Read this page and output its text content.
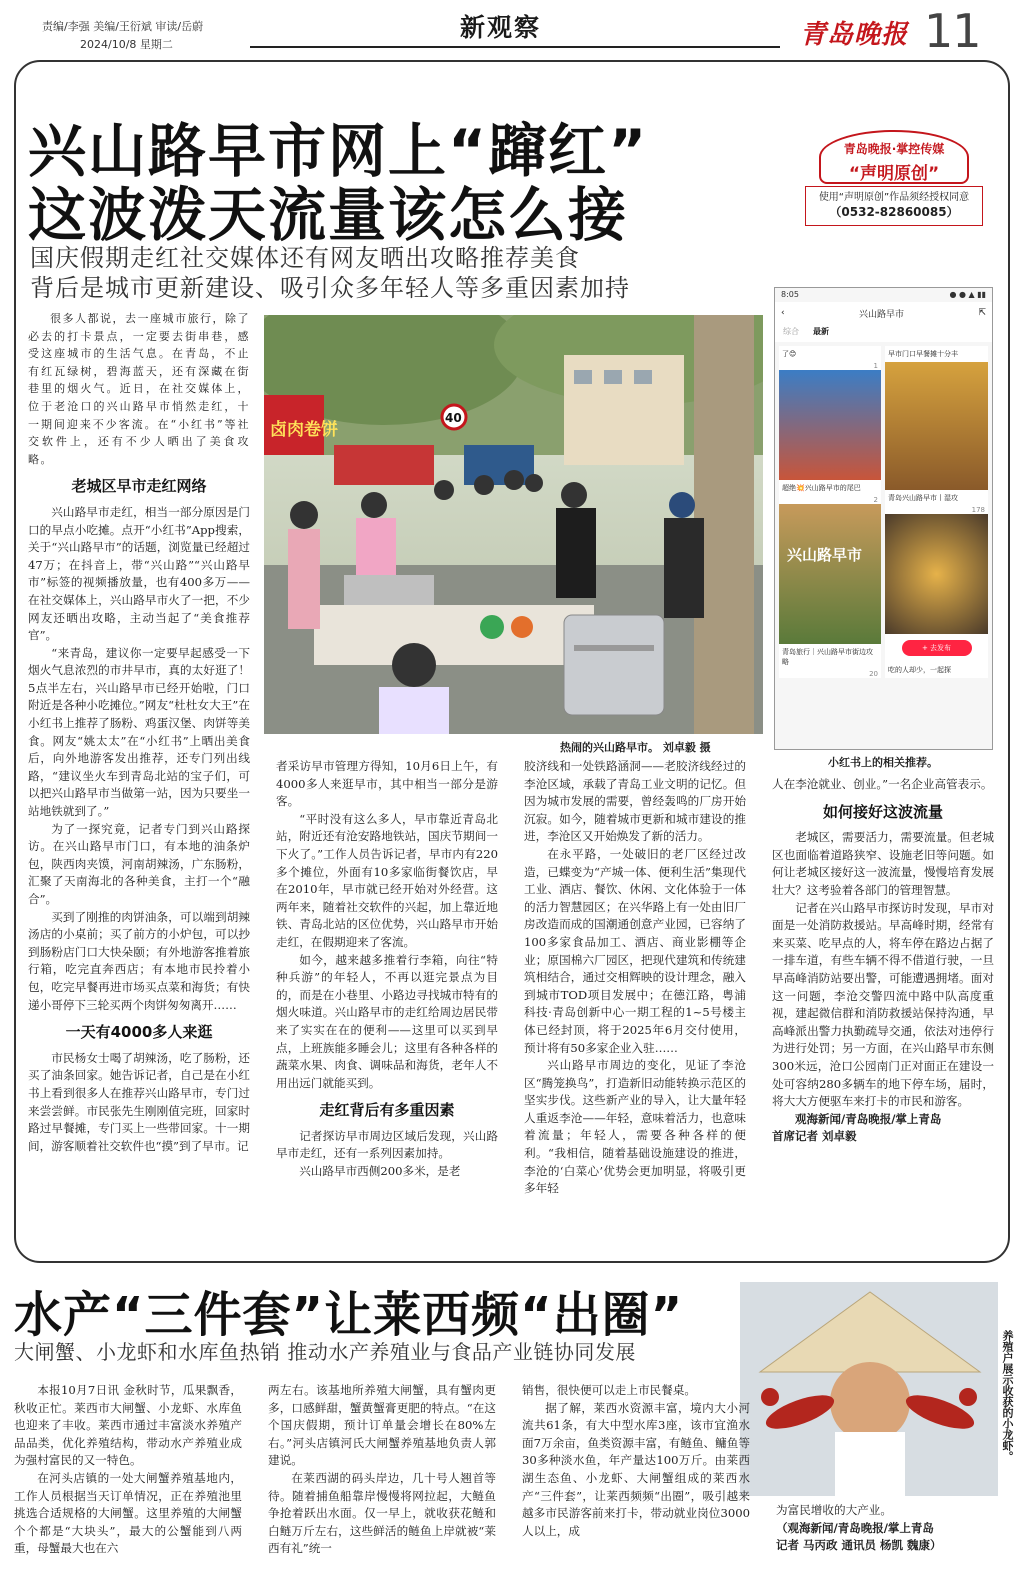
责编/李强 美编/王衍斌 审读/岳蔚
2024/10/8 星期二
新观察	青岛晚报 11
兴山路早市网上“蹿红”
这波泼天流量该怎么接
国庆假期走红社交媒体还有网友晒出攻略推荐美食
背后是城市更新建设、吸引众多年轻人等多重因素加持
青岛晚报·掌控传媒
“声明原创”
使用“声明原创”作品须经授权同意
（0532-82860085）

很多人都说，去一座城市旅行，除了必去的打卡景点，一定要去街串巷，感受这座城市的生活气息。在青岛，不止有红瓦绿树，碧海蓝天，还有深藏在街巷里的烟火气。近日，在社交媒体上，位于老沧口的兴山路早市悄然走红，十一期间迎来不少客流。在“小红书”等社交软件上，还有不少人晒出了美食攻略。

老城区早市走红网络

兴山路早市走红，相当一部分原因是门口的早点小吃摊。点开“小红书”App搜索，关于“兴山路早市”的话题，浏览量已经超过47万；在抖音上，带“兴山路”“兴山路早市”标签的视频播放量，也有400多万——在社交媒体上，兴山路早市火了一把，不少网友还晒出攻略，主动当起了“美食推荐官”。

“来青岛，建议你一定要早起感受一下烟火气息浓烈的市井早市，真的太好逛了！5点半左右，兴山路早市已经开始啦，门口附近是各种小吃摊位。”网友“杜杜女大王”在小红书上推荐了肠粉、鸡蛋汉堡、肉饼等美食。网友“姚太太”在“小红书”上晒出美食后，向外地游客发出推荐，还专门列出线路，“建议坐火车到青岛北站的宝子们，可以把兴山路早市当做第一站，因为只要坐一站地铁就到了。”

为了一探究竟，记者专门到兴山路探访。在兴山路早市门口，有本地的油条炉包，陕西肉夹馍，河南胡辣汤，广东肠粉，汇聚了天南海北的各种美食，主打一个“融合”。

买到了刚推的肉饼油条，可以端到胡辣汤店的小桌前；买了前方的小炉包，可以抄到肠粉店门口大快朵颐；有外地游客推着旅行箱，吃完直奔西店；有本地市民拎着小包，吃完早餐再进市场买点菜和海货；有快递小哥停下三轮买两个肉饼匆匆离开……

一天有4000多人来逛

市民杨女士喝了胡辣汤，吃了肠粉，还买了油条回家。她告诉记者，自己是在小红书上看到很多人在推荐兴山路早市，专门过来尝尝鲜。市民张先生刚刚值完班，回家时路过早餐摊，专门买上一些带回家。十一期间，游客顺着社交软件也“摸”到了早市。记

卤肉卷饼
40
热闹的兴山路早市。 刘卓毅 摄
8:05	● ● ▲ ▮▮
‹	兴山路早市	⇱
综合 最新
了😊
1
超绝💥兴山路早市的尾巴
2
兴山路早市
青岛旅行｜兴山路早市街边攻略
20
早市门口早餐摊十分丰
青岛兴山路早市丨湿攻
178
+ 去发布
吃的人却少，一起探
小红书上的相关推荐。

者采访早市管理方得知，10月6日上午，有4000多人来逛早市，其中相当一部分是游客。

“平时没有这么多人，早市靠近青岛北站，附近还有沧安路地铁站，国庆节期间一下火了。”工作人员告诉记者，早市内有220多个摊位，外面有10多家临街餐饮店，早在2010年，早市就已经开始对外经营。这两年来，随着社交软件的兴起，加上靠近地铁、青岛北站的区位优势，兴山路早市开始走红，在假期迎来了客流。

如今，越来越多推着行李箱，向往“特种兵游”的年轻人，不再以逛完景点为目的，而是在小巷里、小路边寻找城市特有的烟火味道。兴山路早市的走红给周边居民带来了实实在在的便利——这里可以买到早点，上班族能多睡会儿；这里有各种各样的蔬菜水果、肉食、调味品和海货，老年人不用出远门就能买到。

走红背后有多重因素

记者探访早市周边区域后发现，兴山路早市走红，还有一系列因素加持。

兴山路早市西侧200多米，是老

胶济线和一处铁路涵洞——老胶济线经过的李沧区域，承载了青岛工业文明的记忆。但因为城市发展的需要，曾经轰鸣的厂房开始沉寂。如今，随着城市更新和城市建设的推进，李沧区又开始焕发了新的活力。

在永平路，一处破旧的老厂区经过改造，已蝶变为“产城一体、便利生活”集现代工业、酒店、餐饮、休闲、文化体验于一体的活力智慧园区；在兴华路上有一处由旧厂房改造而成的国潮通创意产业园，已容纳了100多家食品加工、酒店、商业影棚等企业；原国棉六厂园区，把现代建筑和传统建筑相结合，通过交相辉映的设计理念，融入到城市TOD项目发展中；在德江路，粤浦科技·青岛创新中心一期工程的1~5号楼主体已经封顶，将于2025年6月交付使用，预计将有50多家企业入驻……

兴山路早市周边的变化，见证了李沧区“腾笼换鸟”，打造新旧动能转换示范区的坚实步伐。这些新产业的导入，让大量年轻人重返李沧——年轻，意味着活力，也意味着流量；年轻人，需要各种各样的便利。“我相信，随着基础设施建设的推进，李沧的‘白菜心’优势会更加明显，将吸引更多年轻

人在李沧就业、创业。”一名企业高管表示。

如何接好这波流量

老城区，需要活力，需要流量。但老城区也面临着道路狭窄、设施老旧等问题。如何让老城区接好这一波流量，慢慢培育发展壮大？这考验着各部门的管理智慧。

记者在兴山路早市探访时发现，早市对面是一处消防救援站。早高峰时期，经常有来买菜、吃早点的人，将车停在路边占据了一排车道，有些车辆不得不借道行驶，一旦早高峰消防站要出警，可能遭遇拥堵。面对这一问题，李沧交警四流中路中队高度重视，建起微信群和消防救援站保持沟通，早高峰派出警力执勤疏导交通，依法对违停行为进行处罚；另一方面，在兴山路早市东侧300米远，沧口公园南门正对面正在建设一处可容纳280多辆车的地下停车场，届时，将大大方便驱车来打卡的市民和游客。

观海新闻/青岛晚报/掌上青岛
首席记者 刘卓毅
水产“三件套”让莱西频“出圈”
大闸蟹、小龙虾和水库鱼热销 推动水产养殖业与食品产业链协同发展	养殖户展示收获的小龙虾。

本报10月7日讯 金秋时节，瓜果飘香，秋收正忙。莱西市大闸蟹、小龙虾、水库鱼也迎来了丰收。莱西市通过丰富淡水养殖产品品类，优化养殖结构，带动水产养殖业成为强村富民的又一特色。

在河头店镇的一处大闸蟹养殖基地内，工作人员根据当天订单情况，正在养殖池里挑选合适规格的大闸蟹。这里养殖的大闸蟹个个都是“大块头”，最大的公蟹能到八两重，母蟹最大也在六

两左右。该基地所养殖大闸蟹，具有蟹肉更多，口感鲜甜，蟹黄蟹膏更肥的特点。“在这个国庆假期，预计订单量会增长在80%左右。”河头店镇河氏大闸蟹养殖基地负责人郭建说。

在莱西湖的码头岸边，几十号人翘首等待。随着捕鱼船靠岸慢慢将网拉起，大鲢鱼争抢着跃出水面。仅一早上，就收获花鲢和白鲢万斤左右，这些鲜活的鲢鱼上岸就被“莱西有礼”统一

销售，很快便可以走上市民餐桌。

据了解，莱西水资源丰富，境内大小河流共61条，有大中型水库3座，该市宜渔水面7万余亩，鱼类资源丰富，有鲢鱼、鳙鱼等30多种淡水鱼，年产量达100万斤。由莱西湖生态鱼、小龙虾、大闸蟹组成的莱西水产“三件套”，让莱西频频“出圈”，吸引越来越多市民游客前来打卡，带动就业岗位3000人以上，成

为富民增收的大产业。

（观海新闻/青岛晚报/掌上青岛
记者 马丙政 通讯员 杨凯 魏康）
